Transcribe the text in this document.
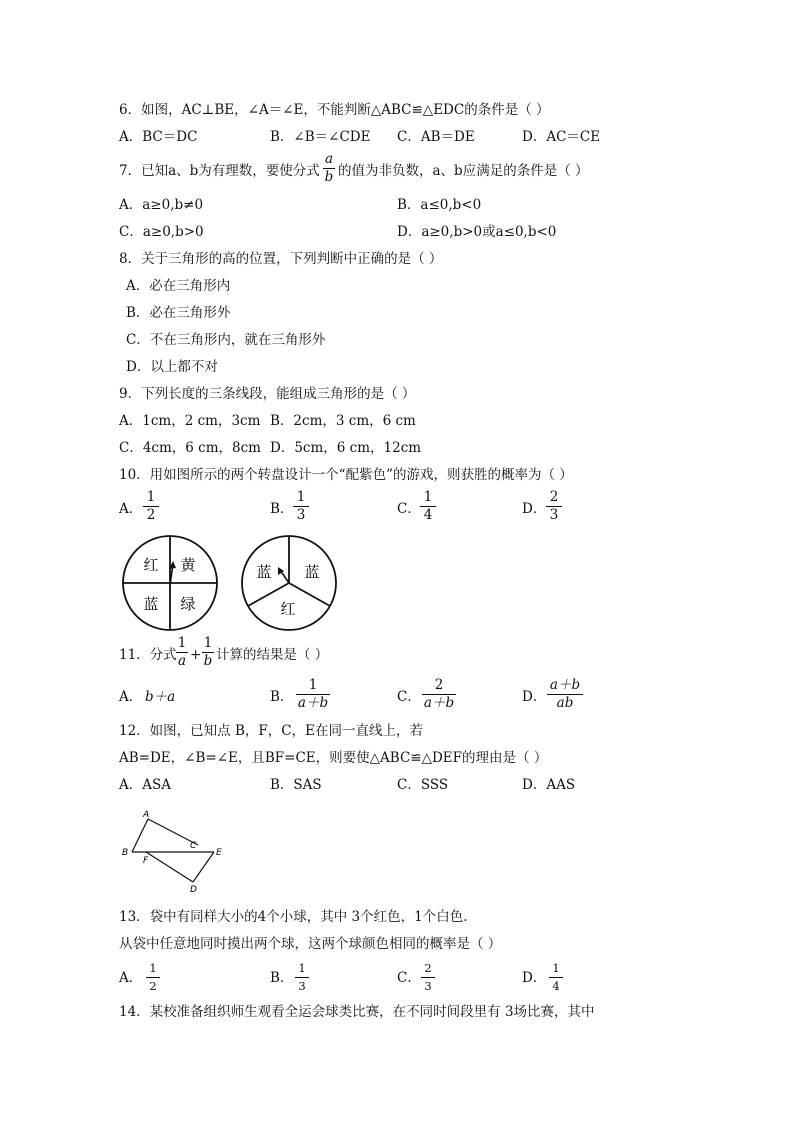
6．如图，AC⊥BE，∠A＝∠E，不能判断△ABC≌△EDC的条件是（ ）
A．BC＝DC	B．∠B＝∠CDE C．AB＝DE	D．AC＝CE
7．已知a、b为有理数，要使分式
a
b 的值为非负数，a、b应满足的条件是（ ）
A．a≥0,b≠0	B．a≤0,b<0
C．a≥0,b>0	D．a≥0,b>0或a≤0,b<0
8．关于三角形的高的位置，下列判断中正确的是（ ）
A．必在三角形内
B．必在三角形外
C．不在三角形内，就在三角形外
D．以上都不对
9．下列长度的三条线段，能组成三角形的是（ ）
A．1cm，2 cm，3cm B．2cm，3 cm，6 cm
C．4cm，6 cm，8cm D．5cm，6 cm，12cm
10．用如图所示的两个转盘设计一个“配紫色”的游戏，则获胜的概率为（ ）
A．
1
2	B．
1
3	C．
1
4	D．
2
3
红 黄
蓝 绿
蓝 蓝
红
11．分式
1
a +
1
b 计算的结果是（ ）
A． b＋a	B．
1
a＋b	C．
2
a＋b	D．
a＋b
ab
12．如图，已知点 B，F，C，E在同一直线上，若
AB=DE，∠B=∠E，且BF=CE，则要使△ABC≌△DEF的理由是（ ）
A．ASA	B．SAS	C．SSS	D．AAS
A
B
F
C
E
D
13．袋中有同样大小的4个小球，其中 3个红色，1个白色.
从袋中任意地同时摸出两个球，这两个球颜色相同的概率是（ ）
A．
1
2	B．
1
3	C．
2
3	D．
1
4
14．某校准备组织师生观看全运会球类比赛，在不同时间段里有 3场比赛，其中
